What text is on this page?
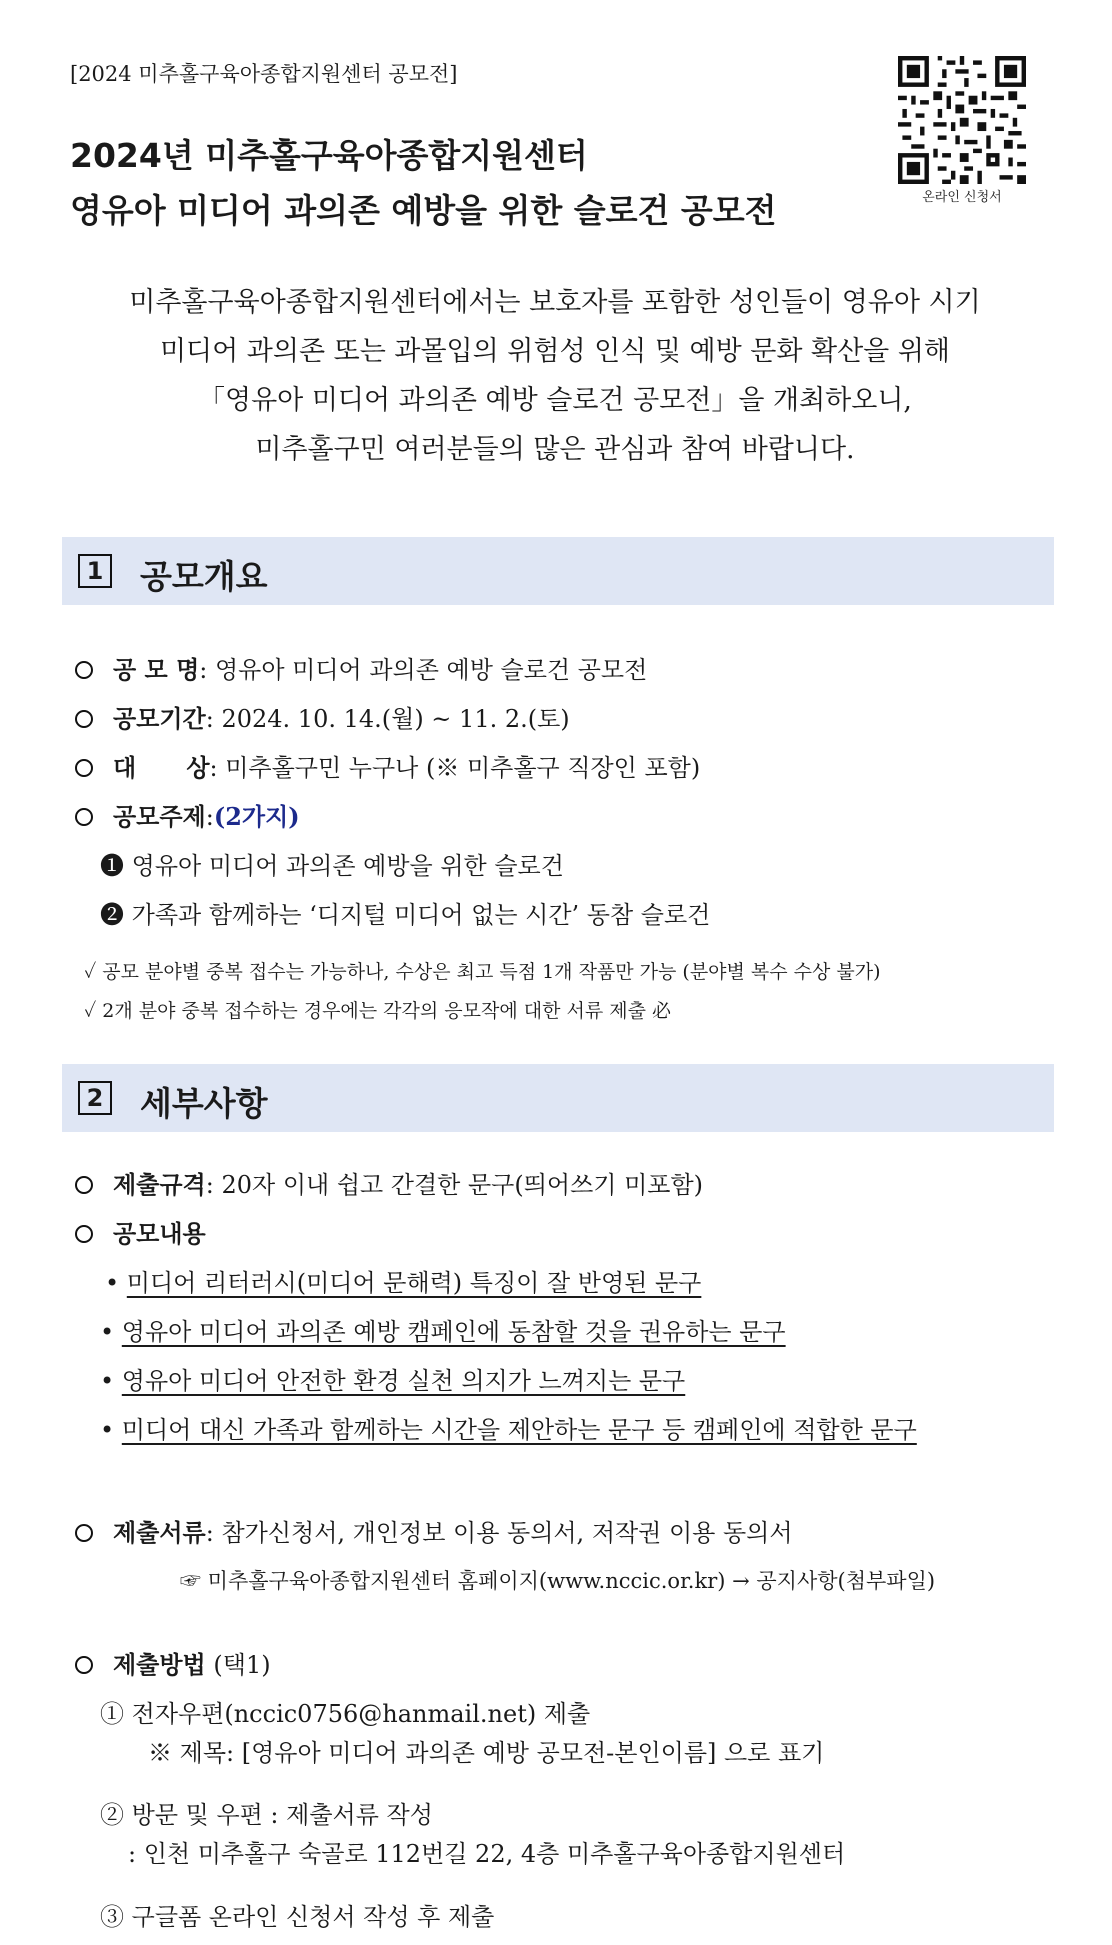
[2024 미추홀구육아종합지원센터 공모전]
2024년 미추홀구육아종합지원센터
영유아 미디어 과의존 예방을 위한 슬로건 공모전	온라인 신청서
미추홀구육아종합지원센터에서는 보호자를 포함한 성인들이 영유아 시기
미디어 과의존 또는 과몰입의 위험성 인식 및 예방 문화 확산을 위해
「영유아 미디어 과의존 예방 슬로건 공모전」을 개최하오니,
미추홀구민 여러분들의 많은 관심과 참여 바랍니다.
1 공모개요
공 모 명: 영유아 미디어 과의존 예방 슬로건 공모전
공모기간: 2024. 10. 14.(월) ~ 11. 2.(토)
대      상: 미추홀구민 누구나 (※ 미추홀구 직장인 포함)
공모주제:(2가지)
❶ 영유아 미디어 과의존 예방을 위한 슬로건
❷ 가족과 함께하는 ‘디지털 미디어 없는 시간’ 동참 슬로건
✓ 공모 분야별 중복 접수는 가능하나, 수상은 최고 득점 1개 작품만 가능 (분야별 복수 수상 불가)
✓ 2개 분야 중복 접수하는 경우에는 각각의 응모작에 대한 서류 제출 必
2 세부사항
제출규격: 20자 이내 쉽고 간결한 문구(띄어쓰기 미포함)
공모내용
• 미디어 리터러시(미디어 문해력) 특징이 잘 반영된 문구
• 영유아 미디어 과의존 예방 캠페인에 동참할 것을 권유하는 문구
• 영유아 미디어 안전한 환경 실천 의지가 느껴지는 문구
• 미디어 대신 가족과 함께하는 시간을 제안하는 문구 등 캠페인에 적합한 문구
제출서류: 참가신청서, 개인정보 이용 동의서, 저작권 이용 동의서
☞ 미추홀구육아종합지원센터 홈페이지(www.nccic.or.kr) → 공지사항(첨부파일)
제출방법 (택1)
① 전자우편(nccic0756@hanmail.net) 제출
※ 제목: [영유아 미디어 과의존 예방 공모전-본인이름] 으로 표기
② 방문 및 우편 : 제출서류 작성
: 인천 미추홀구 숙골로 112번길 22, 4층 미추홀구육아종합지원센터
③ 구글폼 온라인 신청서 작성 후 제출
